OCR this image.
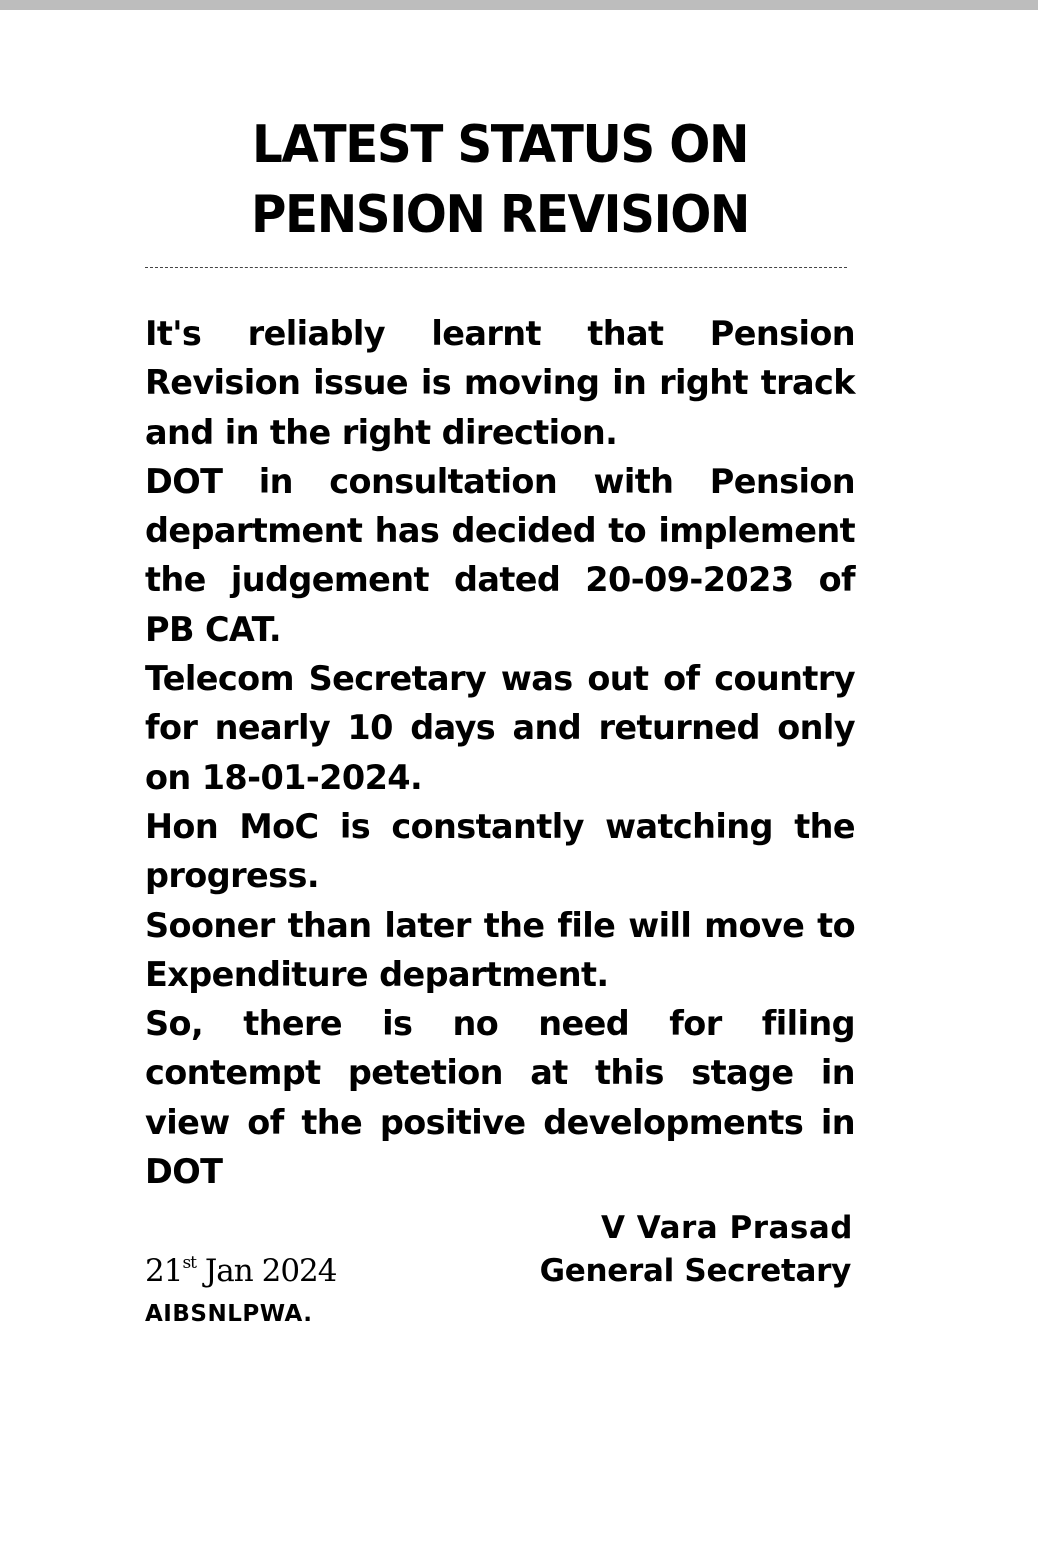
LATEST STATUS ON
PENSION REVISION

It's reliably learnt that Pension Revision issue is moving in right track and in the right direction.

DOT in consultation with Pension department has decided to implement the judgement dated 20-09-2023 of PB CAT.

Telecom Secretary was out of country for nearly 10 days and returned only on 18-01-2024.

Hon MoC is constantly watching the progress.

Sooner than later the file will move to Expenditure department.

So, there is no need for filing contempt petetion at this stage in view of the positive developments in DOT

V Vara Prasad
General Secretary
21st Jan 2024
AIBSNLPWA.
